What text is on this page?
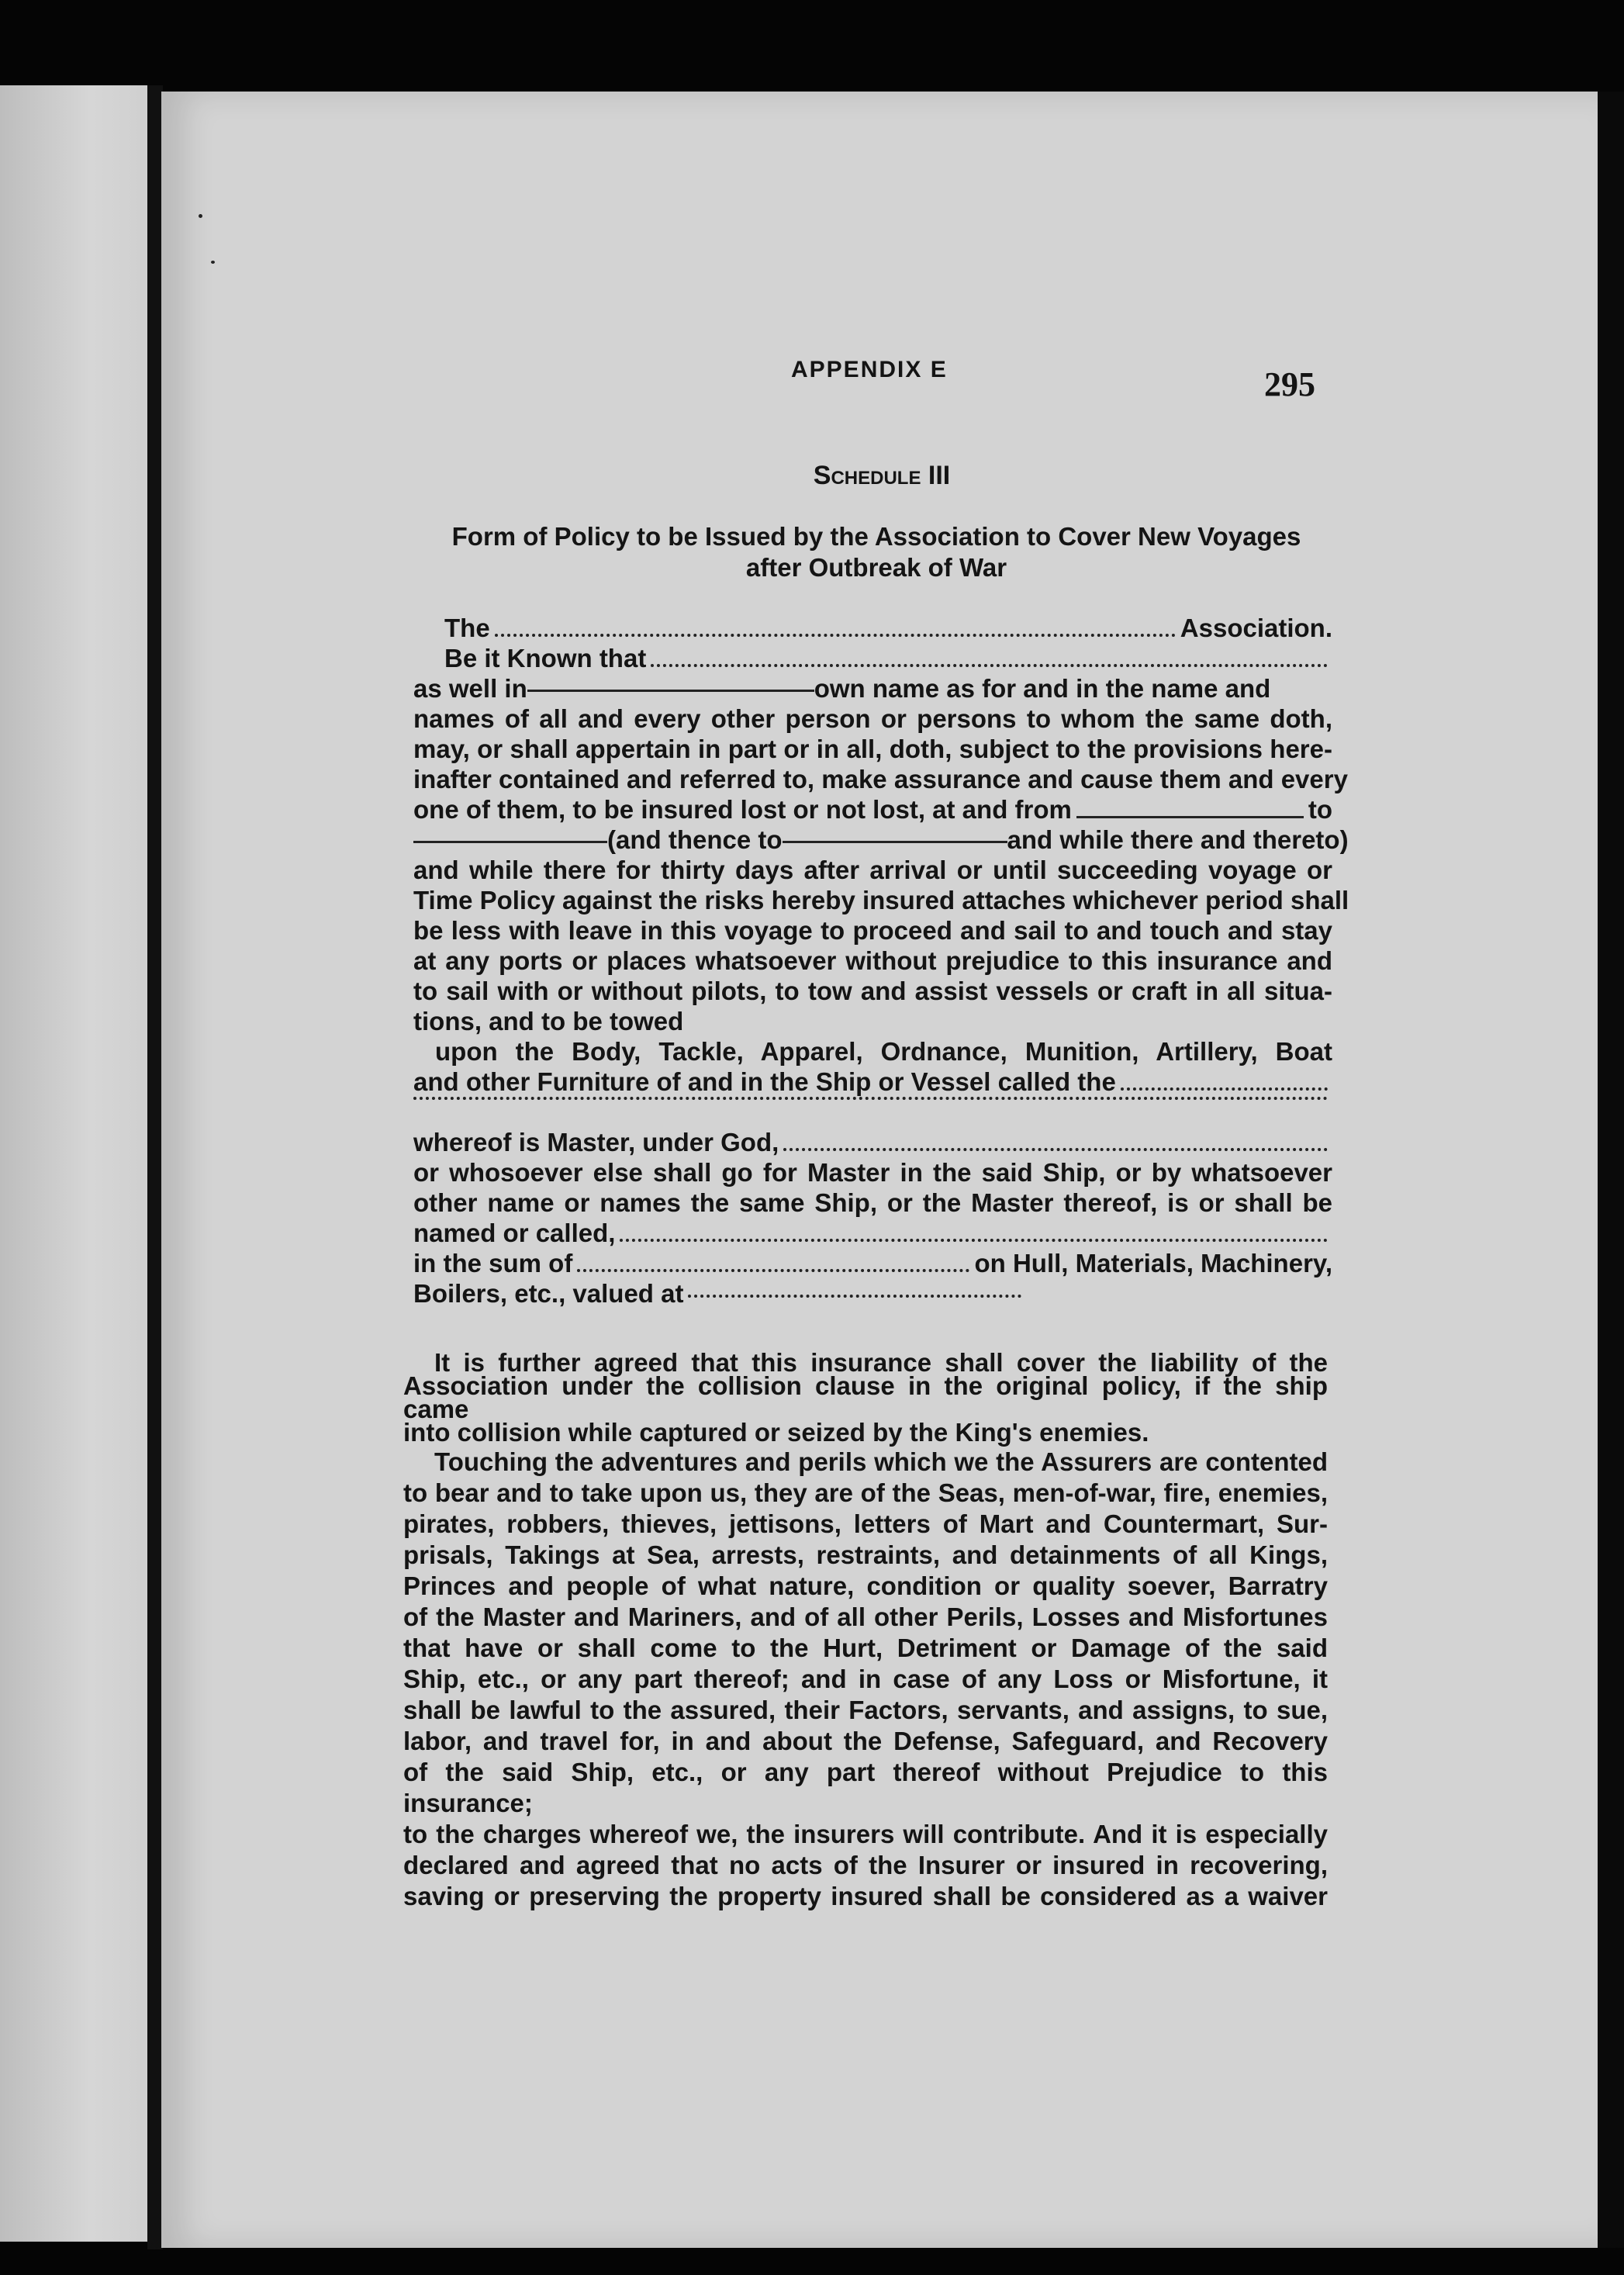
APPENDIX E	295
Schedule III
Form of Policy to be Issued by the Association to Cover New Voyages
after Outbreak of War
The	Association.
Be it Known that
as well in	own name as for and in the name and
names of all and every other person or persons to whom the same doth,
may, or shall appertain in part or in all, doth, subject to the provisions here-
inafter contained and referred to, make assurance and cause them and every
one of them, to be insured lost or not lost, at and from	to
(and thence to	and while there and thereto)
and while there for thirty days after arrival or until succeeding voyage or
Time Policy against the risks hereby insured attaches whichever period shall
be less with leave in this voyage to proceed and sail to and touch and stay
at any ports or places whatsoever without prejudice to this insurance and
to sail with or without pilots, to tow and assist vessels or craft in all situa-
tions, and to be towed
upon the Body, Tackle, Apparel, Ordnance, Munition, Artillery, Boat
and other Furniture of and in the Ship or Vessel called the
whereof is Master, under God,
or whosoever else shall go for Master in the said Ship, or by whatsoever
other name or names the same Ship, or the Master thereof, is or shall be
named or called,
in the sum of	on Hull, Materials, Machinery,
Boilers, etc., valued at
It is further agreed that this insurance shall cover the liability of the
Association under the collision clause in the original policy, if the ship came
into collision while captured or seized by the King's enemies.
Touching the adventures and perils which we the Assurers are contented
to bear and to take upon us, they are of the Seas, men-of-war, fire, enemies,
pirates, robbers, thieves, jettisons, letters of Mart and Countermart, Sur-
prisals, Takings at Sea, arrests, restraints, and detainments of all Kings,
Princes and people of what nature, condition or quality soever, Barratry
of the Master and Mariners, and of all other Perils, Losses and Misfortunes
that have or shall come to the Hurt, Detriment or Damage of the said
Ship, etc., or any part thereof; and in case of any Loss or Misfortune, it
shall be lawful to the assured, their Factors, servants, and assigns, to sue,
labor, and travel for, in and about the Defense, Safeguard, and Recovery
of the said Ship, etc., or any part thereof without Prejudice to this insurance;
to the charges whereof we, the insurers will contribute. And it is especially
declared and agreed that no acts of the Insurer or insured in recovering,
saving or preserving the property insured shall be considered as a waiver
